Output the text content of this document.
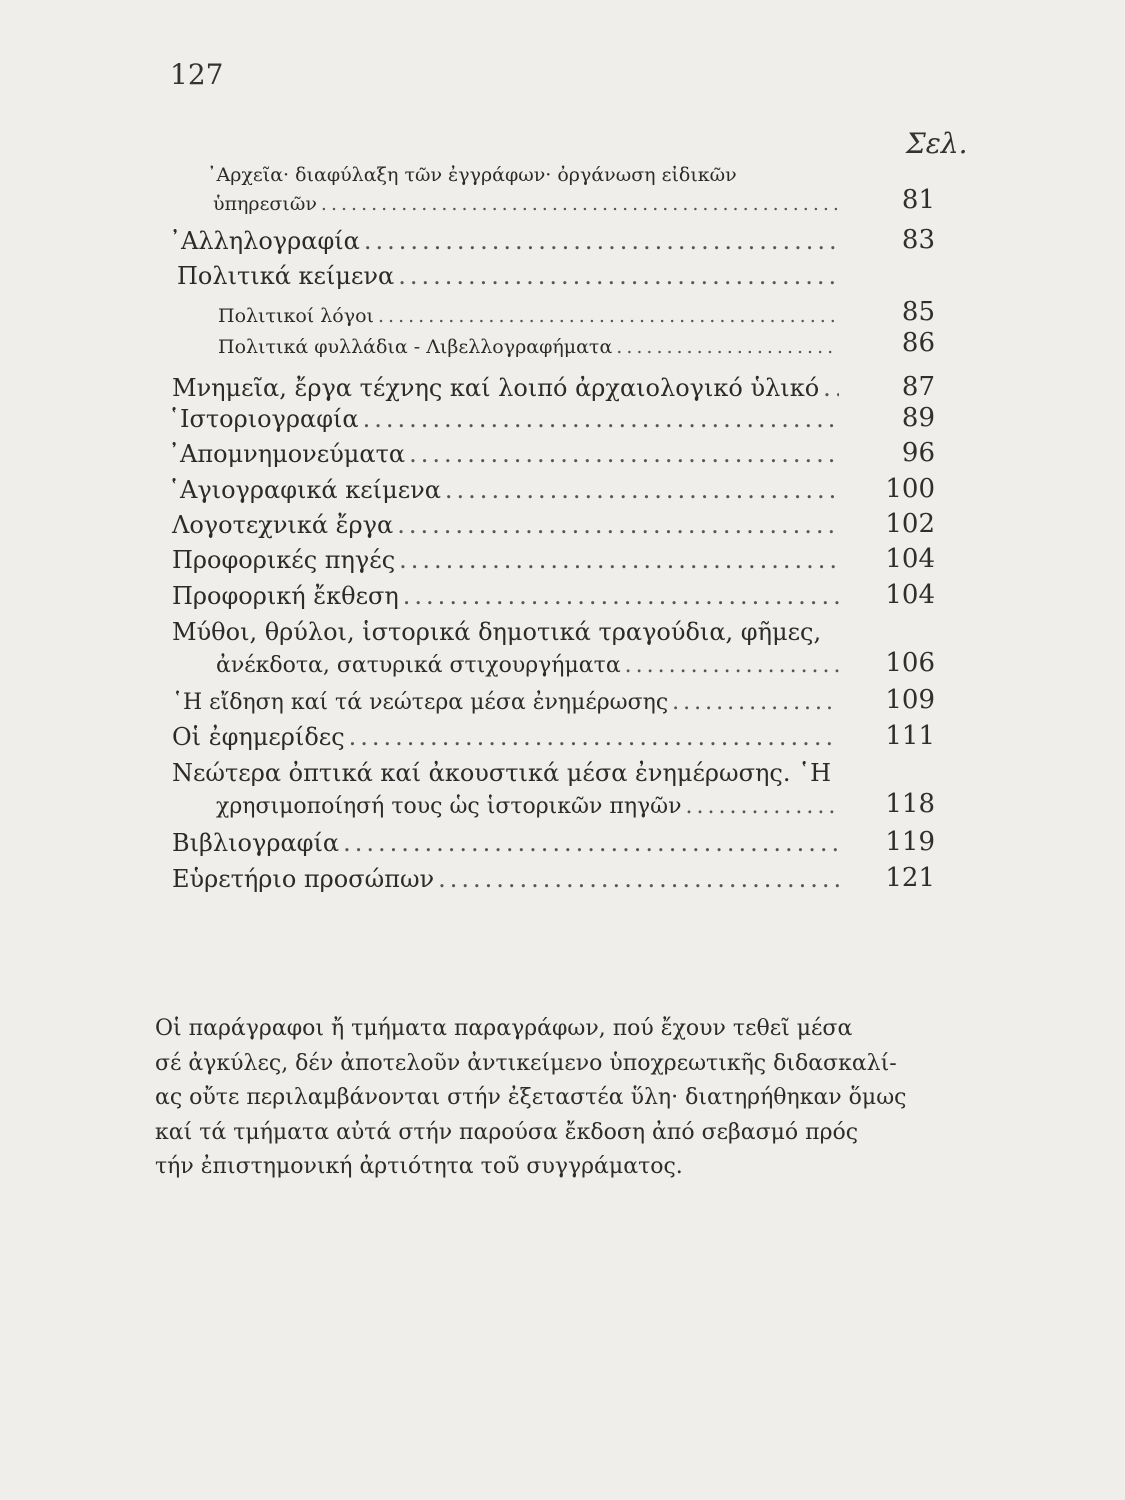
127
Σελ.
᾿Αρχεῖα· διαφύλαξη τῶν ἐγγράφων· ὀργάνωση εἰδικῶν
ὑπηρεσιῶν .....	81
᾿Αλληλογραφία .....	83
Πολιτικά κείμενα
.....
Πολιτικοί λόγοι .....	85
Πολιτικά φυλλάδια - Λιβελλογραφήματα .....	86
Μνημεῖα, ἔργα τέχνης καί λοιπό ἀρχαιολογικό ὑλικό .....	87
῾Ιστοριογραφία .....	89
᾿Απομνημονεύματα .....	96
῾Αγιογραφικά κείμενα .....	100
Λογοτεχνικά ἔργα .....	102
Προφορικές πηγές .....	104
Προφορική ἔκθεση .....	104
Μύθοι, θρύλοι, ἱστορικά δημοτικά τραγούδια, φῆμες,
ἀνέκδοτα, σατυρικά στιχουργήματα .....	106
῾Η εἴδηση καί τά νεώτερα μέσα ἐνημέρωσης .....	109
Οἱ ἐφημερίδες .....	111
Νεώτερα ὀπτικά καί ἀκουστικά μέσα ἐνημέρωσης. ῾Η
χρησιμοποίησή τους ὡς ἱστορικῶν πηγῶν .....	118
Βιβλιογραφία .....	119
Εὑρετήριο προσώπων .....	121
Οἱ παράγραφοι ἤ τμήματα παραγράφων, πού ἔχουν τεθεῖ μέσα
σέ ἀγκύλες, δέν ἀποτελοῦν ἀντικείμενο ὑποχρεωτικῆς διδασκαλί-
ας οὔτε περιλαμβάνονται στήν ἐξεταστέα ὕλη· διατηρήθηκαν ὅμως
καί τά τμήματα αὐτά στήν παρούσα ἔκδοση ἀπό σεβασμό πρός
τήν ἐπιστημονική ἀρτιότητα τοῦ συγγράματος.
